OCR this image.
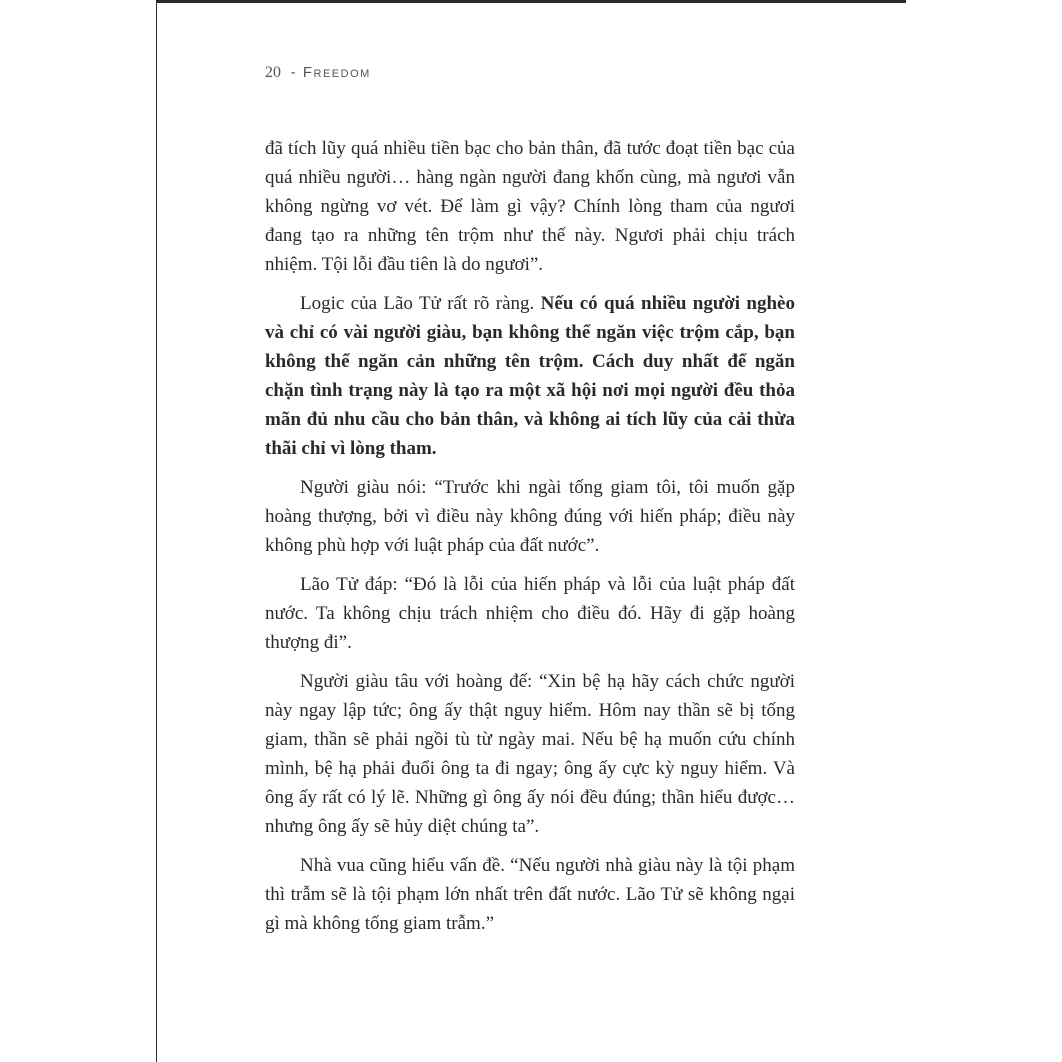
20 - Freedom

đã tích lũy quá nhiều tiền bạc cho bản thân, đã tước đoạt tiền bạc của quá nhiều người… hàng ngàn người đang khốn cùng, mà ngươi vẫn không ngừng vơ vét. Để làm gì vậy? Chính lòng tham của ngươi đang tạo ra những tên trộm như thế này. Ngươi phải chịu trách nhiệm. Tội lỗi đầu tiên là do ngươi”.

Logic của Lão Tử rất rõ ràng. Nếu có quá nhiều người nghèo và chỉ có vài người giàu, bạn không thể ngăn việc trộm cắp, bạn không thể ngăn cản những tên trộm. Cách duy nhất để ngăn chặn tình trạng này là tạo ra một xã hội nơi mọi người đều thỏa mãn đủ nhu cầu cho bản thân, và không ai tích lũy của cải thừa thãi chỉ vì lòng tham.

Người giàu nói: “Trước khi ngài tống giam tôi, tôi muốn gặp hoàng thượng, bởi vì điều này không đúng với hiến pháp; điều này không phù hợp với luật pháp của đất nước”.

Lão Tử đáp: “Đó là lỗi của hiến pháp và lỗi của luật pháp đất nước. Ta không chịu trách nhiệm cho điều đó. Hãy đi gặp hoàng thượng đi”.

Người giàu tâu với hoàng đế: “Xin bệ hạ hãy cách chức người này ngay lập tức; ông ấy thật nguy hiểm. Hôm nay thần sẽ bị tống giam, thần sẽ phải ngồi tù từ ngày mai. Nếu bệ hạ muốn cứu chính mình, bệ hạ phải đuổi ông ta đi ngay; ông ấy cực kỳ nguy hiểm. Và ông ấy rất có lý lẽ. Những gì ông ấy nói đều đúng; thần hiểu được… nhưng ông ấy sẽ hủy diệt chúng ta”.

Nhà vua cũng hiểu vấn đề. “Nếu người nhà giàu này là tội phạm thì trẫm sẽ là tội phạm lớn nhất trên đất nước. Lão Tử sẽ không ngại gì mà không tống giam trẫm.”
